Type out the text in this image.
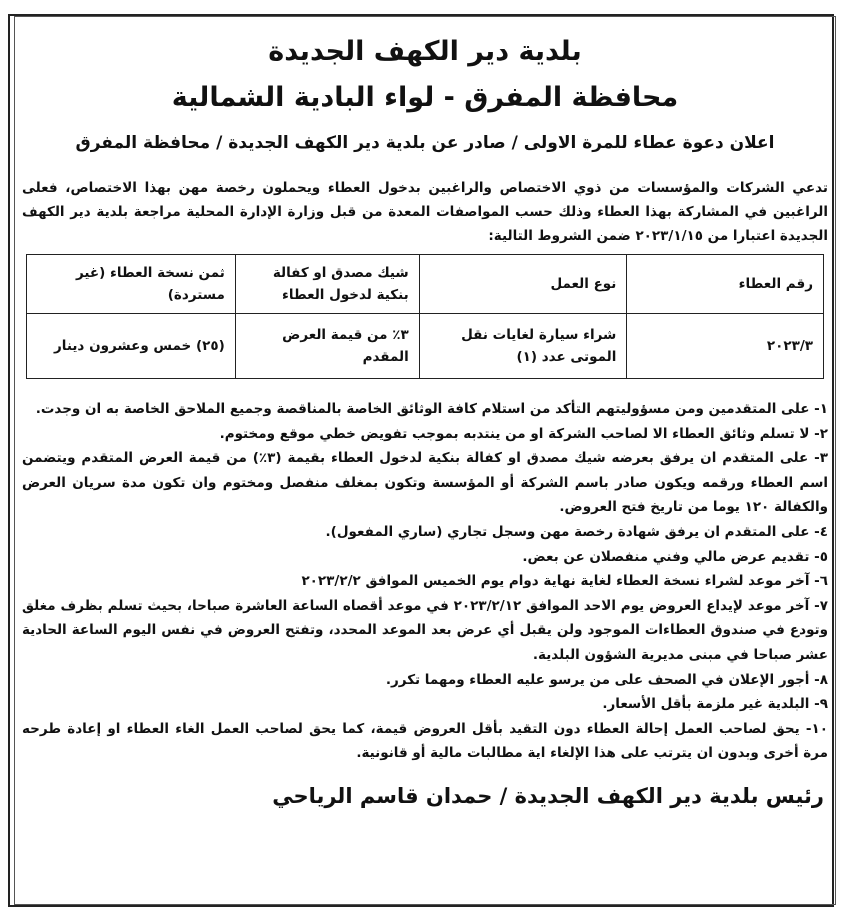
بلدية دير الكهف الجديدة
محافظة المفرق - لواء البادية الشمالية
اعلان دعوة عطاء للمرة الاولى / صادر عن بلدية دير الكهف الجديدة / محافظة المفرق
تدعي الشركات والمؤسسات من ذوي الاختصاص والراغبين بدخول العطاء ويحملون رخصة مهن بهذا الاختصاص، فعلى الراغبين في المشاركة بهذا العطاء وذلك حسب المواصفات المعدة من قبل وزارة الإدارة المحلية مراجعة بلدية دير الكهف الجديدة اعتبارا من ٢٠٢٣/١/١٥ ضمن الشروط التالية:
رقم العطاء	نوع العمل	شيك مصدق او كفالة بنكية لدخول العطاء	ثمن نسخة العطاء (غير مستردة)
٢٠٢٣/٣	شراء سيارة لغايات نقل الموتى عدد (١)	٣٪ من قيمة العرض المقدم	(٢٥) خمس وعشرون دينار

١- على المتقدمين ومن مسؤوليتهم التأكد من استلام كافة الوثائق الخاصة بالمناقصة وجميع الملاحق الخاصة به ان وجدت.

٢- لا تسلم وثائق العطاء الا لصاحب الشركة او من ينتدبه بموجب تفويض خطي موقع ومختوم.

٣- على المتقدم ان يرفق بعرضه شيك مصدق او كفالة بنكية لدخول العطاء بقيمة (٣٪) من قيمة العرض المتقدم ويتضمن اسم العطاء ورقمه ويكون صادر باسم الشركة أو المؤسسة وتكون بمغلف منفصل ومختوم وان تكون مدة سريان العرض والكفالة ١٢٠ يوما من تاريخ فتح العروض.

٤- على المتقدم ان يرفق شهادة رخصة مهن وسجل تجاري (ساري المفعول).

٥- تقديم عرض مالي وفني منفصلان عن بعض.

٦- آخر موعد لشراء نسخة العطاء لغاية نهاية دوام يوم الخميس الموافق ٢٠٢٣/٢/٢

٧- آخر موعد لإيداع العروض يوم الاحد الموافق ٢٠٢٣/٢/١٢ في موعد أقصاه الساعة العاشرة صباحا، بحيث تسلم بظرف مغلق وتودع في صندوق العطاءات الموجود ولن يقبل أي عرض بعد الموعد المحدد، وتفتح العروض في نفس اليوم الساعة الحادية عشر صباحا في مبنى مديرية الشؤون البلدية.

٨- أجور الإعلان في الصحف على من يرسو عليه العطاء ومهما تكرر.

٩- البلدية غير ملزمة بأقل الأسعار.

١٠- يحق لصاحب العمل إحالة العطاء دون التقيد بأقل العروض قيمة، كما يحق لصاحب العمل الغاء العطاء او إعادة طرحه مرة أخرى وبدون ان يترتب على هذا الإلغاء اية مطالبات مالية أو قانونية.

رئيس بلدية دير الكهف الجديدة / حمدان قاسم الرياحي
